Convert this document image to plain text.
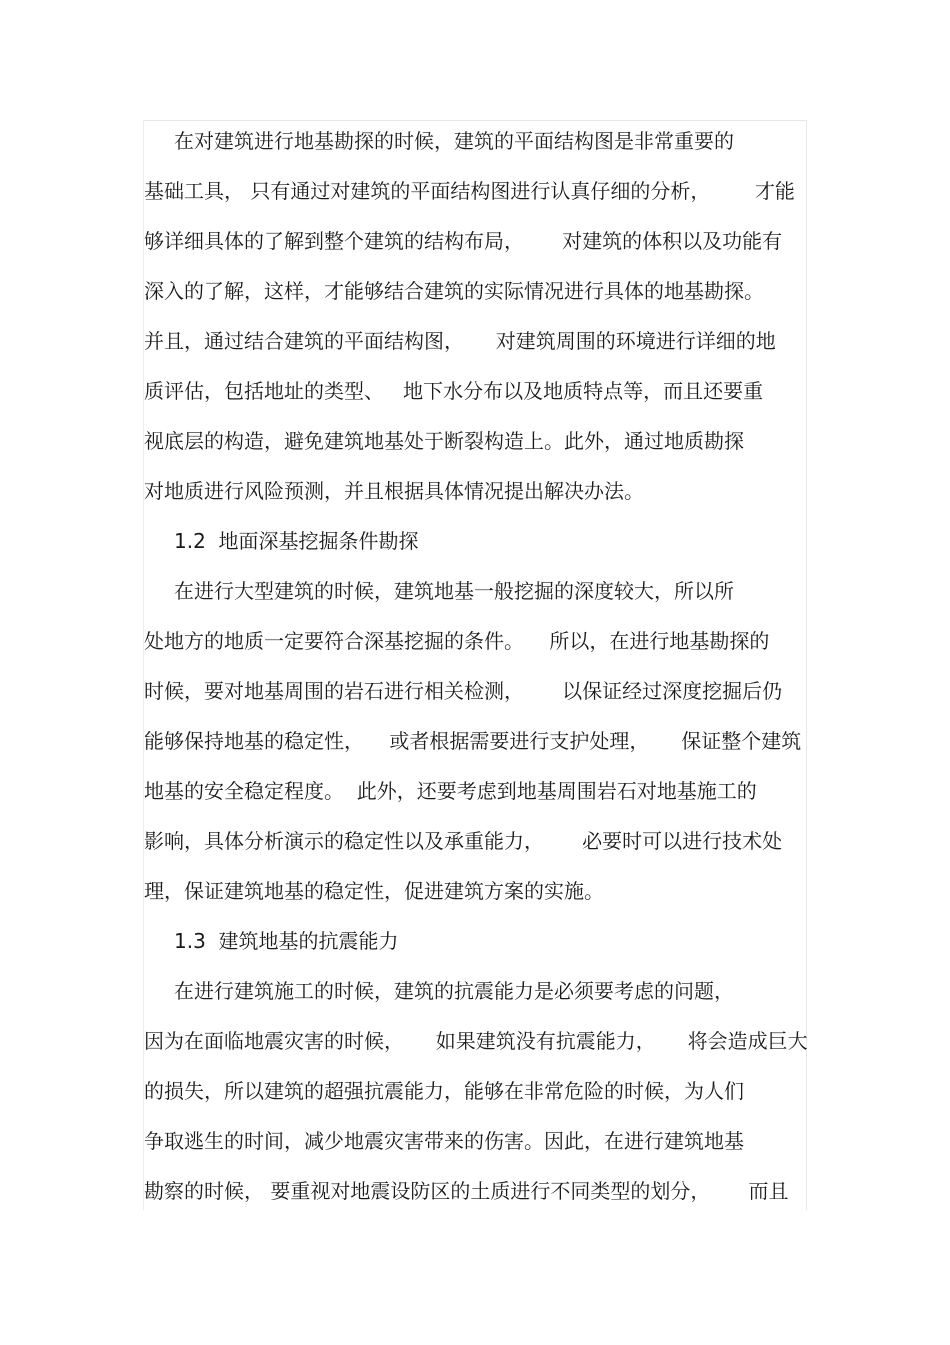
在对建筑进行地基勘探的时候，建筑的平面结构图是非常重要的
基础工具， 只有通过对建筑的平面结构图进行认真仔细的分析，       才能
够详细具体的了解到整个建筑的结构布局，      对建筑的体积以及功能有
深入的了解，这样，才能够结合建筑的实际情况进行具体的地基勘探。
并且，通过结合建筑的平面结构图，     对建筑周围的环境进行详细的地
质评估，包括地址的类型、   地下水分布以及地质特点等，而且还要重
视底层的构造，避免建筑地基处于断裂构造上。此外，通过地质勘探
对地质进行风险预测，并且根据具体情况提出解决办法。
1.2  地面深基挖掘条件勘探
在进行大型建筑的时候，建筑地基一般挖掘的深度较大，所以所
处地方的地质一定要符合深基挖掘的条件。    所以，在进行地基勘探的
时候，要对地基周围的岩石进行相关检测，      以保证经过深度挖掘后仍
能够保持地基的稳定性，    或者根据需要进行支护处理，     保证整个建筑
地基的安全稳定程度。  此外，还要考虑到地基周围岩石对地基施工的
影响，具体分析演示的稳定性以及承重能力，      必要时可以进行技术处
理，保证建筑地基的稳定性，促进建筑方案的实施。
1.3  建筑地基的抗震能力
在进行建筑施工的时候，建筑的抗震能力是必须要考虑的问题，
因为在面临地震灾害的时候，     如果建筑没有抗震能力，     将会造成巨大
的损失，所以建筑的超强抗震能力，能够在非常危险的时候，为人们
争取逃生的时间，减少地震灾害带来的伤害。因此，在进行建筑地基
勘察的时候， 要重视对地震设防区的土质进行不同类型的划分，      而且
